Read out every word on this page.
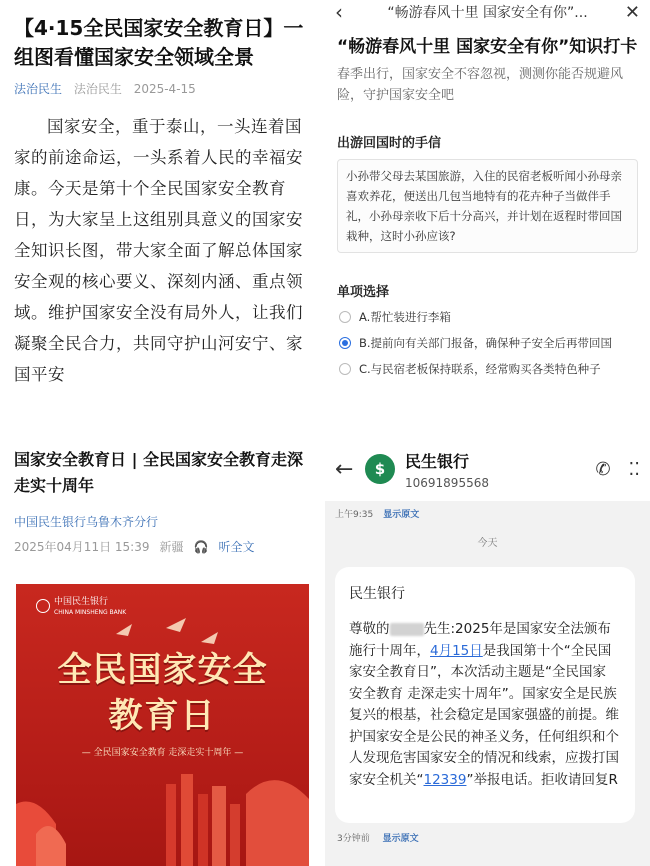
【4·15全民国家安全教育日】一组图看懂国家安全领域全景
法治民生 法治民生 2025-4-15
国家安全，重于泰山，一头连着国家的前途命运，一头系着人民的幸福安康。今天是第十个全民国家安全教育日，为大家呈上这组别具意义的国家安全知识长图，带大家全面了解总体国家安全观的核心要义、深刻内涵、重点领域。维护国家安全没有局外人，让我们凝聚全民合力，共同守护山河安宁、家国平安
‹	“畅游春风十里 国家安全有你”...	✕
“畅游春风十里 国家安全有你”知识打卡
春季出行，国家安全不容忽视，测测你能否规避风险，守护国家安全吧
出游回国时的手信
小孙带父母去某国旅游，入住的民宿老板听闻小孙母亲喜欢养花，便送出几包当地特有的花卉种子当做伴手礼，小孙母亲收下后十分高兴，并计划在返程时带回国栽种，这时小孙应该?
单项选择
A.帮忙装进行李箱
B.提前向有关部门报备，确保种子安全后再带回国
C.与民宿老板保持联系，经常购买各类特色种子
国家安全教育日 | 全民国家安全教育走深走实十周年
中国民生银行乌鲁木齐分行
2025年04月11日 15:39 新疆 🎧 听全文
中国民生银行
CHINA MINSHENG BANK
全民国家安全
教育日
— 全民国家安全教育 走深走实十周年 —
←	$	民生银行
10691895568
✆ ⁚⁚
上午9:35 显示原文
今天
民生银行
尊敬的	先生:2025年是国家安全法颁布施行十周年，4月15日是我国第十个“全民国家安全教育日”，本次活动主题是“全民国家安全教育 走深走实十周年”。国家安全是民族复兴的根基，社会稳定是国家强盛的前提。维护国家安全是公民的神圣义务，任何组织和个人发现危害国家安全的情况和线索，应拨打国家安全机关“12339”举报电话。拒收请回复R
3分钟前 显示原文
